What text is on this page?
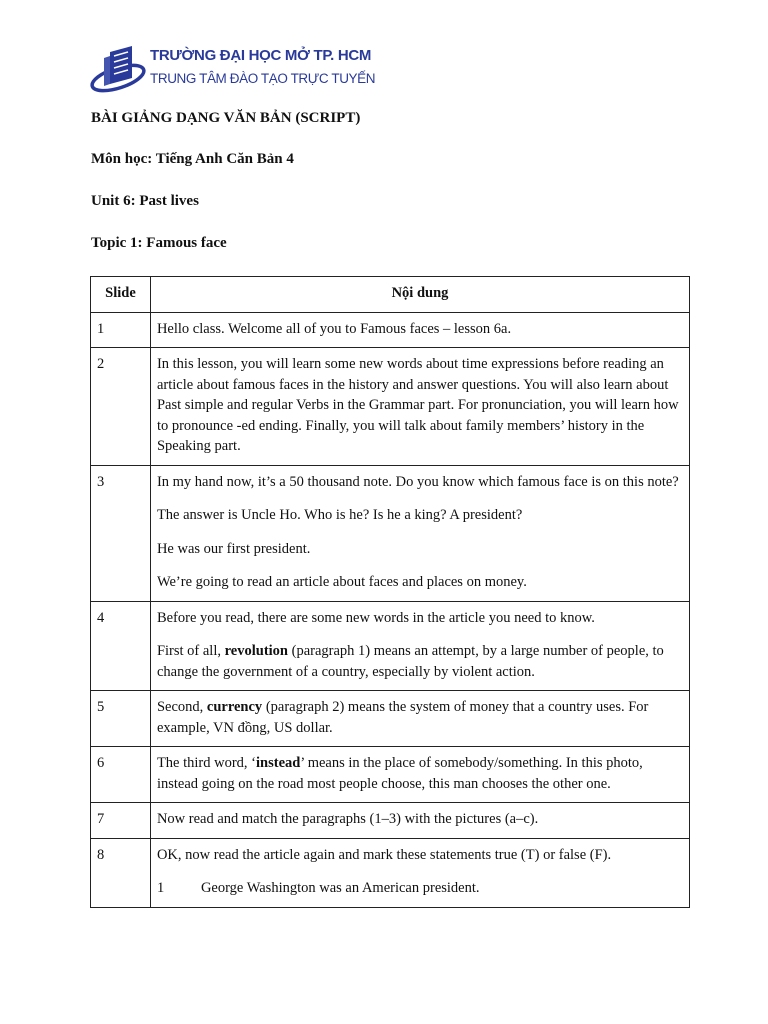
TRƯỜNG ĐẠI HỌC MỞ TP. HCM
TRUNG TÂM ĐÀO TẠO TRỰC TUYẾN
BÀI GIẢNG DẠNG VĂN BẢN (SCRIPT)
Môn học: Tiếng Anh Căn Bản 4
Unit 6: Past lives
Topic 1: Famous face
Slide	Nội dung
1	Hello class. Welcome all of you to Famous faces – lesson 6a.

2	In this lesson, you will learn some new words about time expressions before reading an article about famous faces in the history and answer questions. You will also learn about Past simple and regular Verbs in the Grammar part. For pronunciation, you will learn how to pronounce -ed ending. Finally, you will talk about family members’ history in the Speaking part.

3	In my hand now, it’s a 50 thousand note. Do you know which famous face is on this note?

The answer is Uncle Ho. Who is he? Is he a king? A president?

He was our first president.

We’re going to read an article about faces and places on money.

4	Before you read, there are some new words in the article you need to know.

First of all, revolution (paragraph 1) means an attempt, by a large number of people, to change the government of a country, especially by violent action.

5	Second, currency (paragraph 2) means the system of money that a country uses. For example, VN đồng, US dollar.

6	The third word, ‘instead’ means in the place of somebody/something. In this photo, instead going on the road most people choose, this man chooses the other one.

7	Now read and match the paragraphs (1–3) with the pictures (a–c).

8	OK, now read the article again and mark these statements true (T) or false (F).

1 George Washington was an American president.
